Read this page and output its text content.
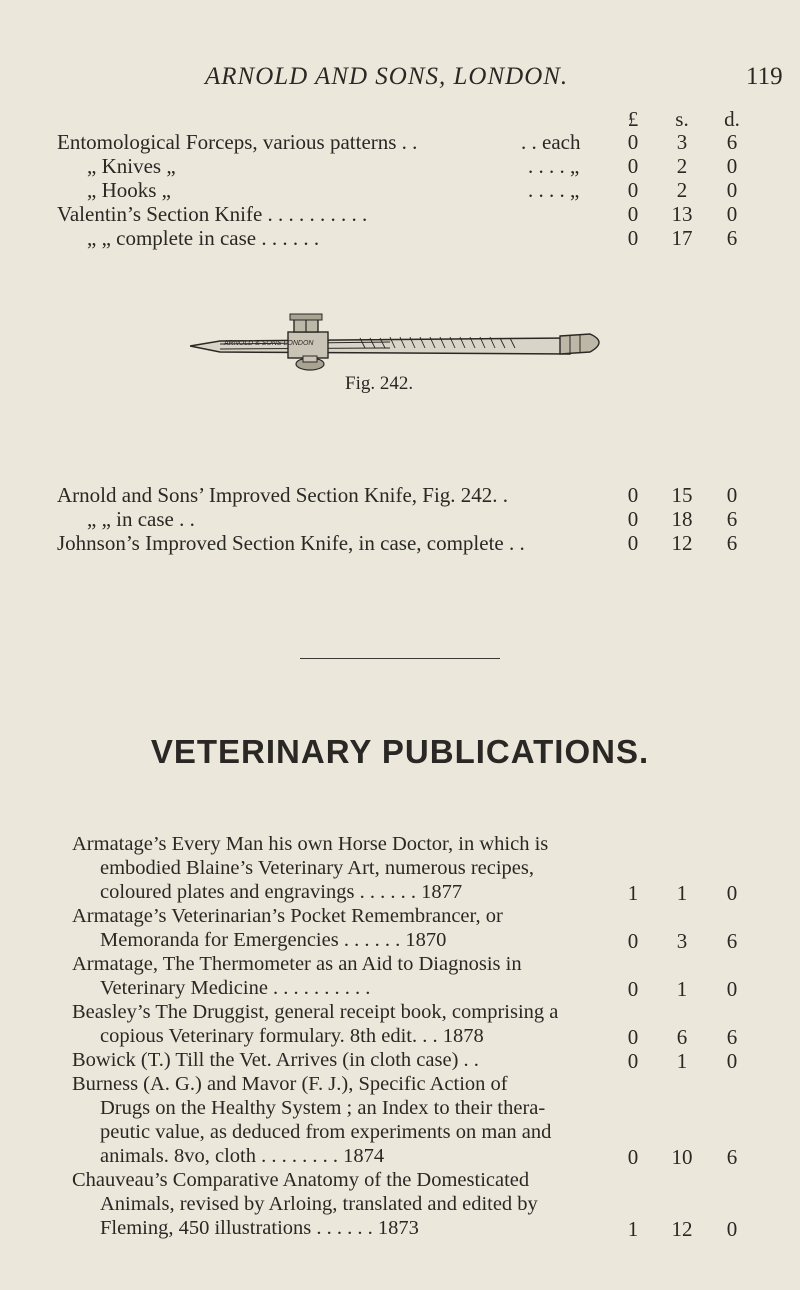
ARNOLD AND SONS, LONDON.	119
£	s. d.
Entomological Forceps, various patterns . .	. . each	0	3	6
„ Knives „	. . . . „	0	2	0
„ Hooks „	. . . . „	0	2	0
Valentin’s Section Knife . . . . . . . . . .	0	13	0
„ „ complete in case . . . . . .	0	17	6
ARNOLD & SONS LONDON
Fig. 242.
Arnold and Sons’ Improved Section Knife, Fig. 242. .	0	15	0
„ „ in case . .	0	18	6
Johnson’s Improved Section Knife, in case, complete . .	0	12	6
VETERINARY PUBLICATIONS.
Armatage’s Every Man his own Horse Doctor, in which is
embodied Blaine’s Veterinary Art, numerous recipes,
coloured plates and engravings . . . . . . 1877	1	1	0
Armatage’s Veterinarian’s Pocket Remembrancer, or
Memoranda for Emergencies . . . . . . 1870	0	3	6
Armatage, The Thermometer as an Aid to Diagnosis in
Veterinary Medicine . . . . . . . . . .	0	1	0
Beasley’s The Druggist, general receipt book, comprising a
copious Veterinary formulary. 8th edit. . . 1878	0	6	6
Bowick (T.) Till the Vet. Arrives (in cloth case) . .	0	1	0
Burness (A. G.) and Mavor (F. J.), Specific Action of
Drugs on the Healthy System ; an Index to their thera-
peutic value, as deduced from experiments on man and
animals. 8vo, cloth . . . . . . . . 1874	0	10	6
Chauveau’s Comparative Anatomy of the Domesticated
Animals, revised by Arloing, translated and edited by
Fleming, 450 illustrations . . . . . . 1873	1	12	0
